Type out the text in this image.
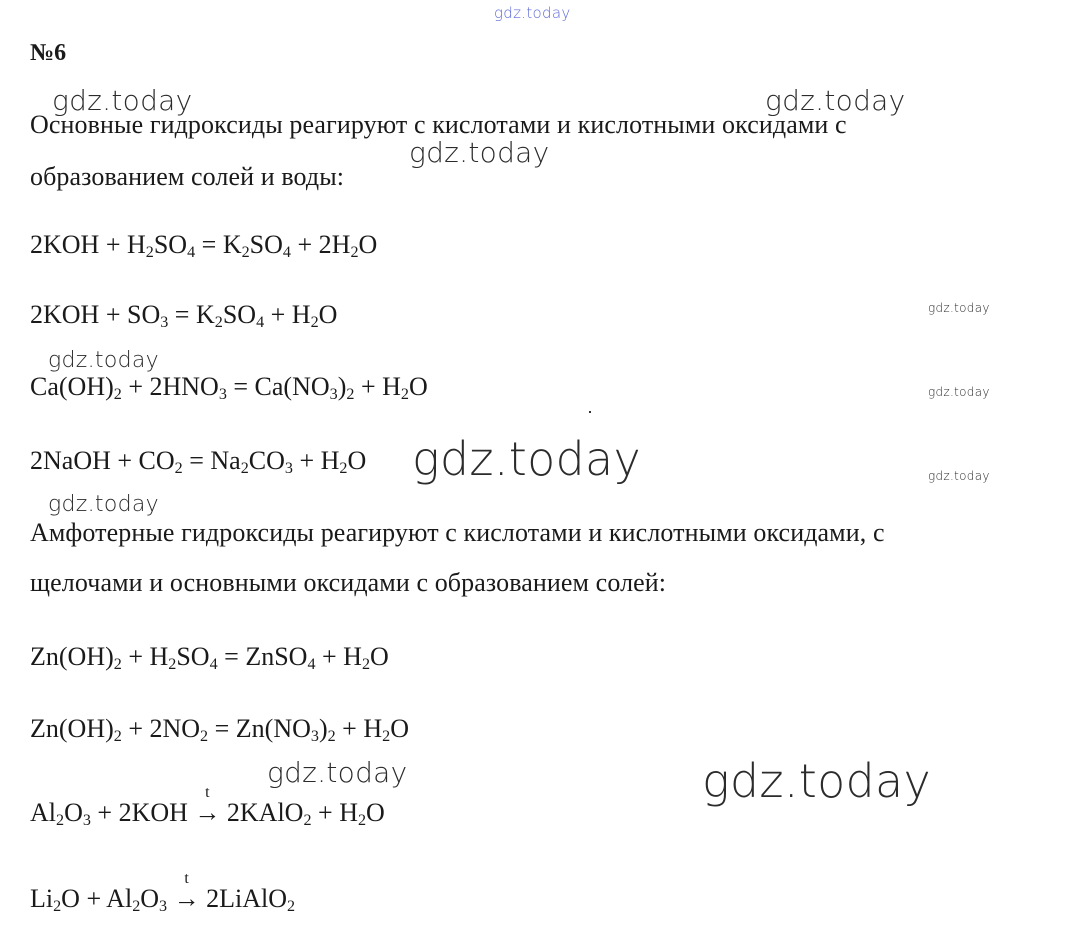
gdz.today
№6
gdz.today	gdz.today
gdz.today
Основные гидроксиды реагируют с кислотами и кислотными оксидами с
образованием солей и воды:
$2KOH + H_2SO_4 = K_2SO_4 + 2H_2O$
$2KOH + SO_3 = K_2SO_4 + H_2O$	gdz.today
gdz.today
$Ca(OH)_2 + 2HNO_3 = Ca(NO_3)_2 + H_2O$	gdz.today
2NaOH + $CO_2 = Na_2CO_3 + H_2O$ gdz.today	gdz.today
gdz.today
Амфотерные гидроксиды реагируют с кислотами и кислотными оксидами, с
щелочами и основными оксидами с образованием солей:
$Zn(OH)_2 + H_2SO_4$ = ZnSO$_4$ + $H_2O$
$Zn(OH)_2 + 2NO_2 = Zn(NO_3)_2 + H_2O$
gdz.today	gdz.today
$Al_2O_3 + 2KOH$
t
→ 2KAlO$_2$ + $H_2O$
$Li_2O + Al_2O_3$
t
→ 2LiAlO$_2$
